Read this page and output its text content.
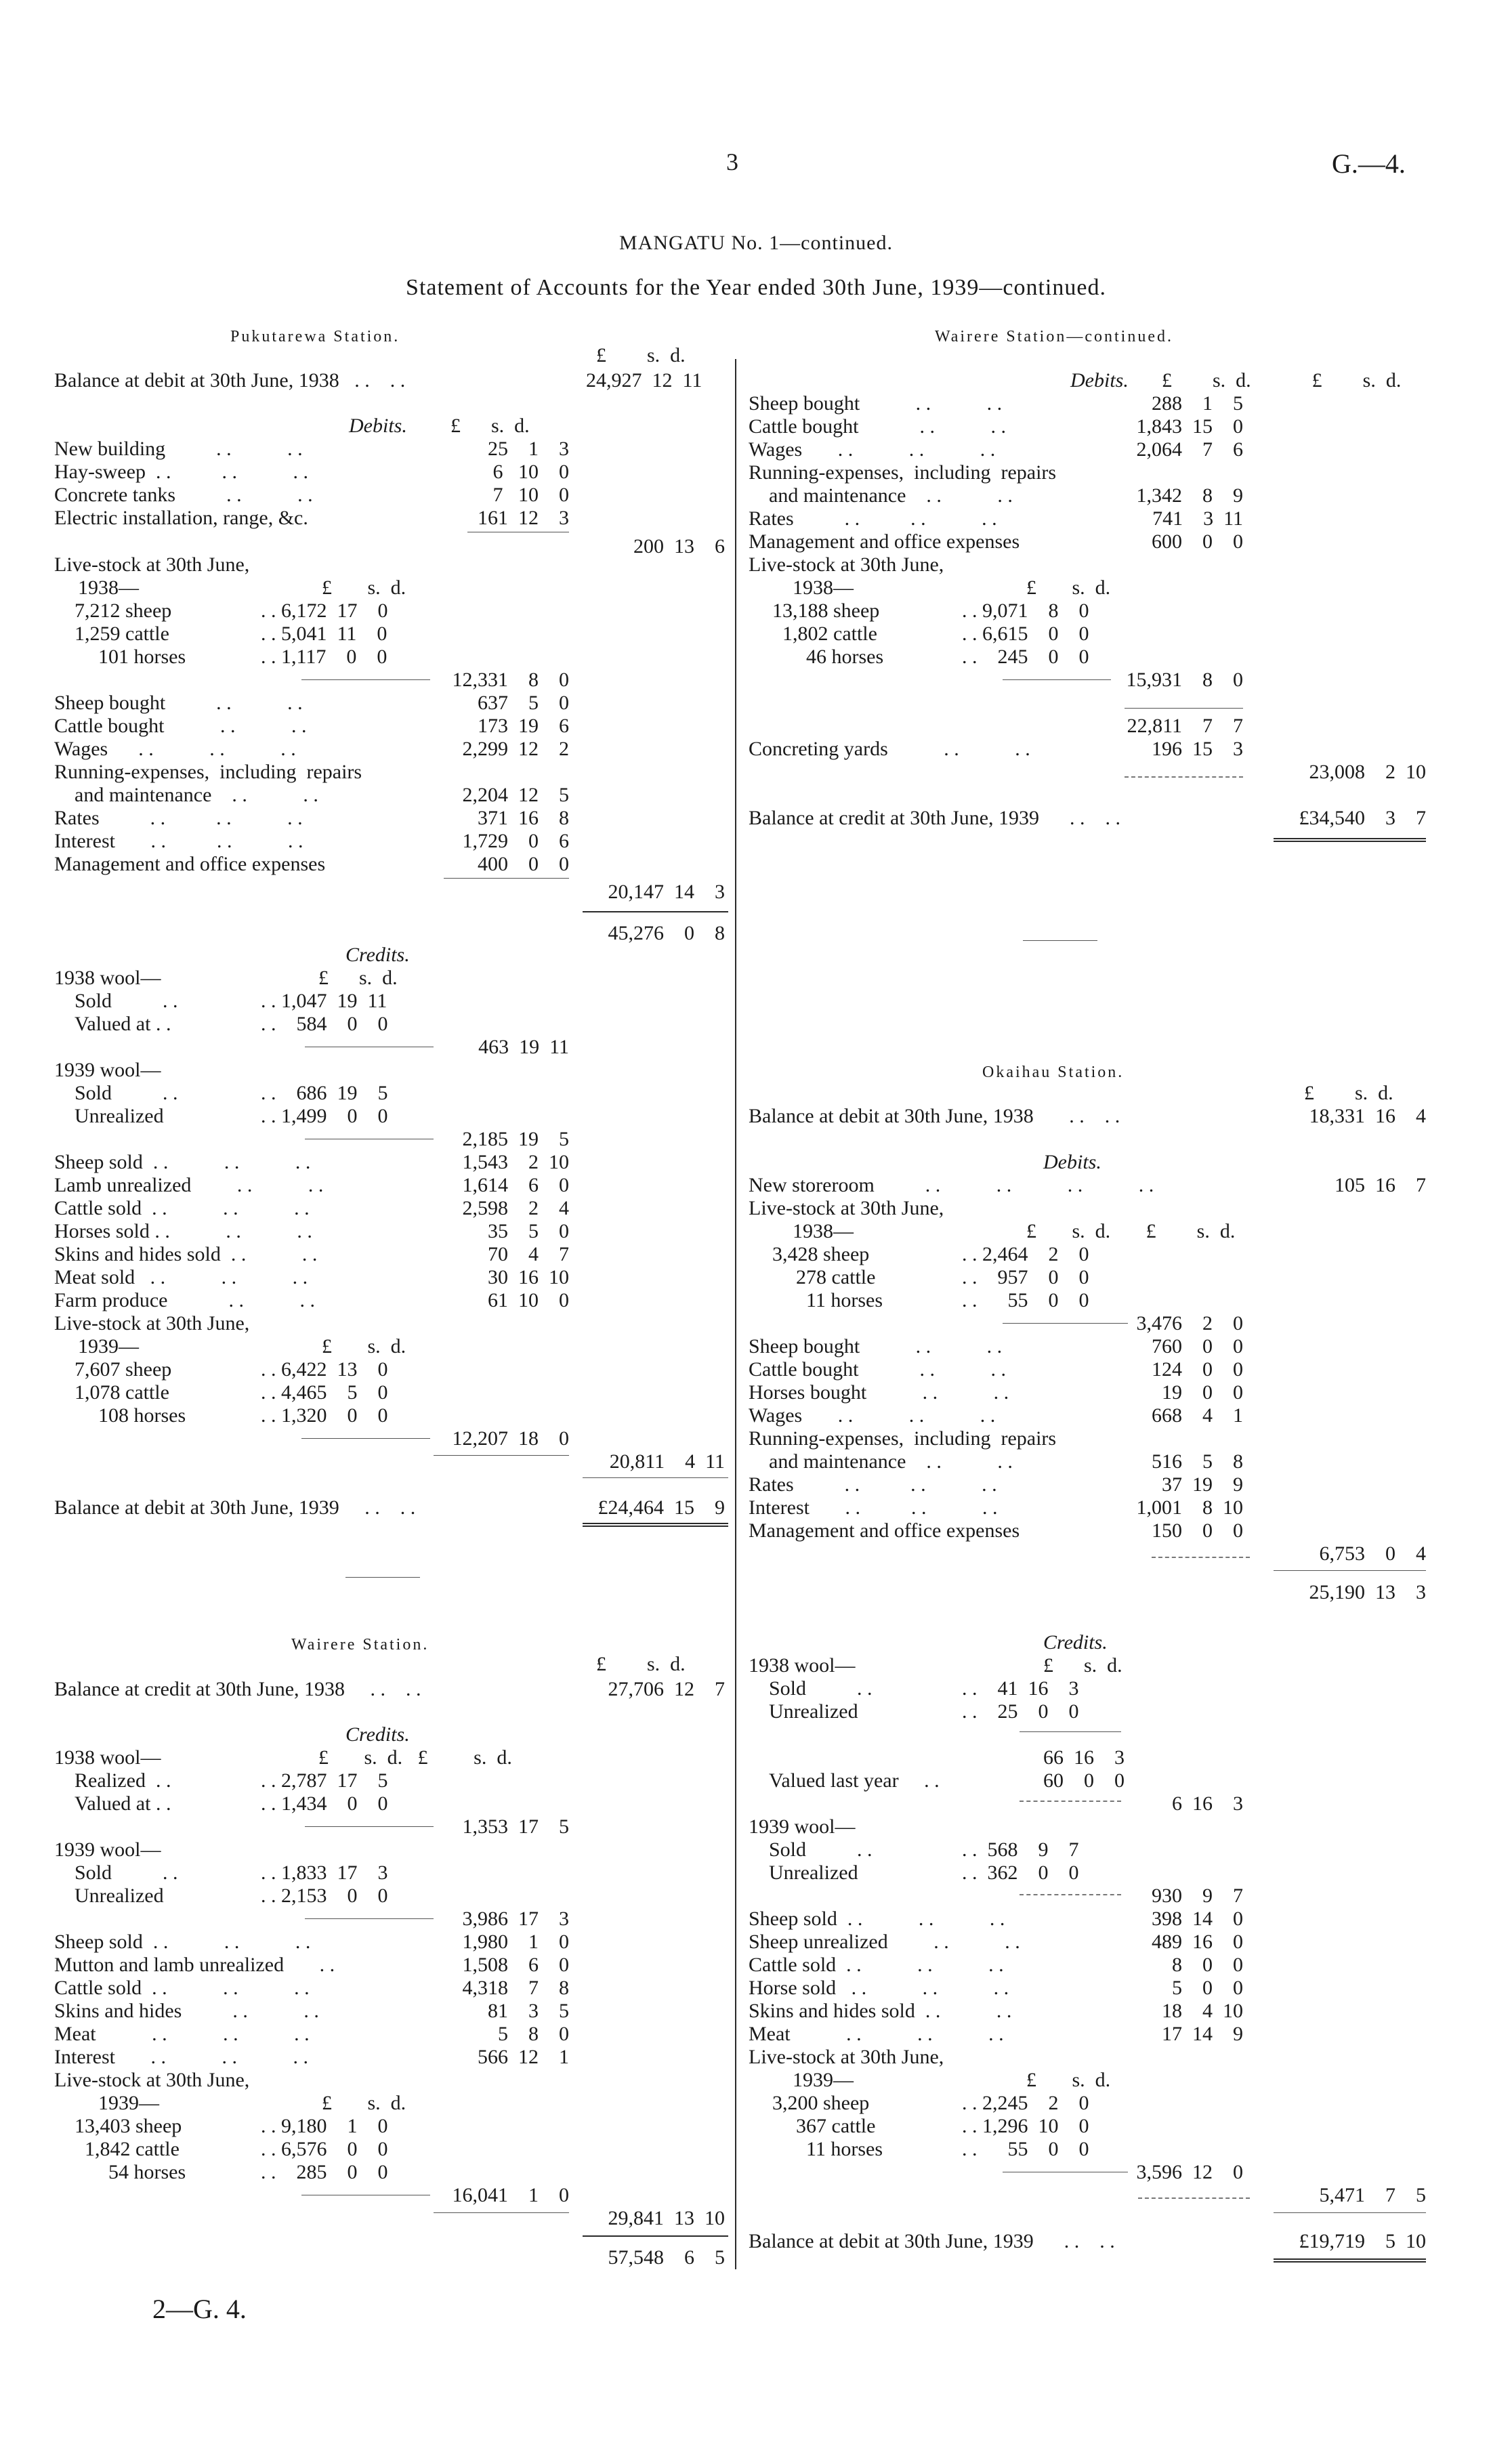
3	G.—4.
MANGATU No. 1—continued.
Statement of Accounts for the Year ended 30th June, 1939—continued.
Pukutarewa Station.
£        s.  d.
Balance at debit at 30th June, 1938   . .    . .	24,927  12  11
Debits. £      s.  d.
New building          . .           . .	25    1    3
Hay-sweep  . .          . .           . .	6   10    0
Concrete tanks          . .           . .	7   10    0
Electric installation, range, &c.	161  12    3
200  13    6
Live-stock at 30th June,
1938—	£       s.  d.
7,212 sheep	. . 6,172  17    0
1,259 cattle	. . 5,041  11    0
101 horses	. . 1,117    0    0
12,331    8    0
Sheep bought          . .           . .	637    5    0
Cattle bought           . .           . .	173  19    6
Wages      . .           . .           . .	2,299  12    2
Running-expenses,  including  repairs
and maintenance    . .           . .	2,204  12    5
Rates          . .          . .           . .	371  16    8
Interest       . .          . .           . .	1,729    0    6
Management and office expenses	400    0    0
20,147  14    3
45,276    0    8
Credits.
£      s.  d.
1938 wool—
Sold          . .	. . 1,047  19  11
Valued at . .	. .    584    0    0
463  19  11
1939 wool—
Sold          . .	. .    686  19    5
Unrealized	. . 1,499    0    0
2,185  19    5
Sheep sold  . .           . .           . .	1,543    2  10
Lamb unrealized         . .           . .	1,614    6    0
Cattle sold  . .           . .           . .	2,598    2    4
Horses sold . .           . .           . .	35    5    0
Skins and hides sold  . .           . .	70    4    7
Meat sold   . .           . .           . .	30  16  10
Farm produce            . .           . .	61  10    0
Live-stock at 30th June,
1939—	£       s.  d.
7,607 sheep	. . 6,422  13    0
1,078 cattle	. . 4,465    5    0
108 horses	. . 1,320    0    0
12,207  18    0
20,811    4  11
Balance at debit at 30th June, 1939     . .    . .	£24,464  15    9
Wairere Station.
£        s.  d.
Balance at credit at 30th June, 1938     . .    . .	27,706  12    7
Credits.
£       s.  d.   £         s.  d.
1938 wool—
Realized  . .	. . 2,787  17    5
Valued at . .	. . 1,434    0    0
1,353  17    5
1939 wool—
Sold          . .	. . 1,833  17    3
Unrealized	. . 2,153    0    0
3,986  17    3
Sheep sold  . .           . .           . .	1,980    1    0
Mutton and lamb unrealized       . .	1,508    6    0
Cattle sold  . .           . .           . .	4,318    7    8
Skins and hides          . .           . .	81    3    5
Meat           . .           . .           . .	5    8    0
Interest       . .           . .           . .	566  12    1
Live-stock at 30th June,
1939—	£       s.  d.
13,403 sheep	. . 9,180    1    0
1,842 cattle	. . 6,576    0    0
54 horses	. .    285    0    0
16,041    1    0
29,841  13  10
57,548    6    5
Wairere Station—continued.
Debits. £        s.  d.            £        s.  d.
Sheep bought           . .           . .	288    1    5
Cattle bought            . .           . .	1,843  15    0
Wages       . .           . .           . .	2,064    7    6
Running-expenses,  including  repairs
and maintenance    . .           . .	1,342    8    9
Rates          . .          . .           . .	741    3  11
Management and office expenses	600    0    0
Live-stock at 30th June,
1938—	£       s.  d.
13,188 sheep	. . 9,071    8    0
1,802 cattle	. . 6,615    0    0
46 horses	. .    245    0    0
15,931    8    0
22,811    7    7
Concreting yards           . .           . .	196  15    3
23,008    2  10
Balance at credit at 30th June, 1939      . .    . .	£34,540    3    7
Okaihau Station.
£        s.  d.
Balance at debit at 30th June, 1938       . .    . .	18,331  16    4
Debits.
New storeroom          . .           . .           . .           . .	105  16    7
Live-stock at 30th June,
1938—	£       s.  d.       £        s.  d.
3,428 sheep	. . 2,464    2    0
278 cattle	. .    957    0    0
11 horses	. .      55    0    0
3,476    2    0
Sheep bought           . .           . .	760    0    0
Cattle bought            . .           . .	124    0    0
Horses bought           . .           . .	19    0    0
Wages       . .           . .           . .	668    4    1
Running-expenses,  including  repairs
and maintenance    . .           . .	516    5    8
Rates          . .          . .           . .	37  19    9
Interest       . .          . .           . .	1,001    8  10
Management and office expenses	150    0    0
6,753    0    4
25,190  13    3
Credits.
£      s.  d.
1938 wool—
Sold          . .	. .    41  16    3
Unrealized	. .    25    0    0
66  16    3
Valued last year     . .	60    0    0
6  16    3
1939 wool—
Sold          . .	. .  568    9    7
Unrealized	. .  362    0    0
930    9    7
Sheep sold  . .           . .           . .	398  14    0
Sheep unrealized         . .           . .	489  16    0
Cattle sold  . .           . .           . .	8    0    0
Horse sold   . .           . .           . .	5    0    0
Skins and hides sold  . .           . .	18    4  10
Meat           . .           . .           . .	17  14    9
Live-stock at 30th June,
1939—	£       s.  d.
3,200 sheep	. . 2,245    2    0
367 cattle	. . 1,296  10    0
11 horses	. .      55    0    0
3,596  12    0
5,471    7    5
Balance at debit at 30th June, 1939      . .    . .	£19,719    5  10
2—G. 4.
